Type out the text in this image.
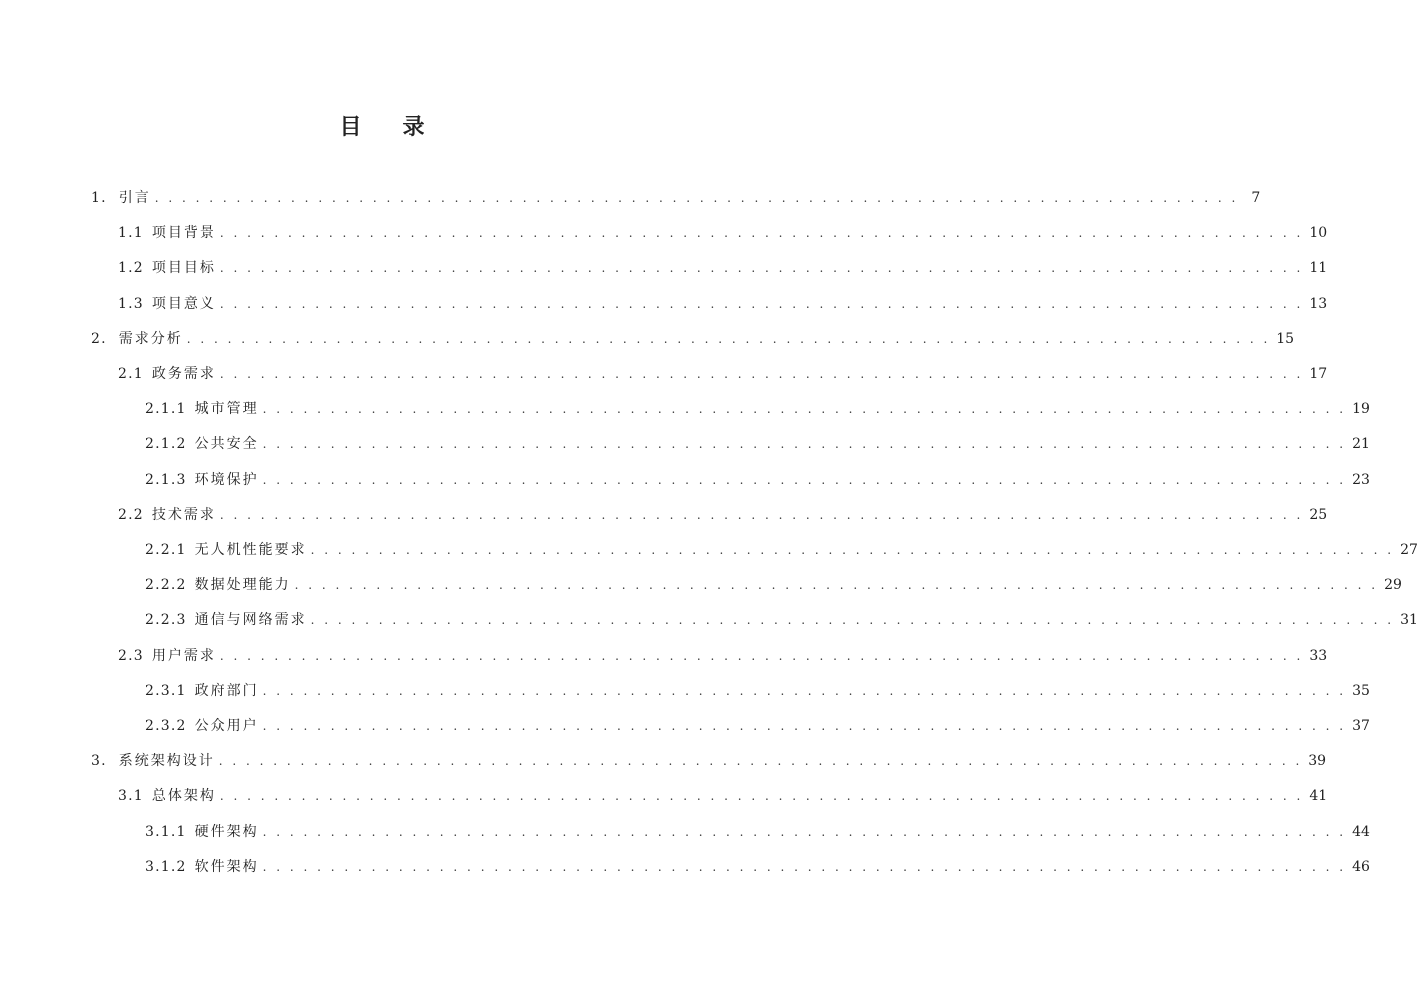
目 录
1. 引言 . . . . . . . . . . . . . . . . . . . . . . . . . . . . . . . . . . . . . . . . . . . . . . . . . . . . . . . . . . . . . . . . . . . . . . . . . . . . . . . . 7
1.1 项目背景 . . . . . . . . . . . . . . . . . . . . . . . . . . . . . . . . . . . . . . . . . . . . . . . . . . . . . . . . . . . . . . . . . . . . . . . . . . . . . . . . 10
1.2 项目目标 . . . . . . . . . . . . . . . . . . . . . . . . . . . . . . . . . . . . . . . . . . . . . . . . . . . . . . . . . . . . . . . . . . . . . . . . . . . . . . . . 11
1.3 项目意义 . . . . . . . . . . . . . . . . . . . . . . . . . . . . . . . . . . . . . . . . . . . . . . . . . . . . . . . . . . . . . . . . . . . . . . . . . . . . . . . . 13
2. 需求分析 . . . . . . . . . . . . . . . . . . . . . . . . . . . . . . . . . . . . . . . . . . . . . . . . . . . . . . . . . . . . . . . . . . . . . . . . . . . . . . . . 15
2.1 政务需求 . . . . . . . . . . . . . . . . . . . . . . . . . . . . . . . . . . . . . . . . . . . . . . . . . . . . . . . . . . . . . . . . . . . . . . . . . . . . . . . . 17
2.1.1 城市管理 . . . . . . . . . . . . . . . . . . . . . . . . . . . . . . . . . . . . . . . . . . . . . . . . . . . . . . . . . . . . . . . . . . . . . . . . . . . . . . . . 19
2.1.2 公共安全 . . . . . . . . . . . . . . . . . . . . . . . . . . . . . . . . . . . . . . . . . . . . . . . . . . . . . . . . . . . . . . . . . . . . . . . . . . . . . . . . 21
2.1.3 环境保护 . . . . . . . . . . . . . . . . . . . . . . . . . . . . . . . . . . . . . . . . . . . . . . . . . . . . . . . . . . . . . . . . . . . . . . . . . . . . . . . . 23
2.2 技术需求 . . . . . . . . . . . . . . . . . . . . . . . . . . . . . . . . . . . . . . . . . . . . . . . . . . . . . . . . . . . . . . . . . . . . . . . . . . . . . . . . 25
2.2.1 无人机性能要求 . . . . . . . . . . . . . . . . . . . . . . . . . . . . . . . . . . . . . . . . . . . . . . . . . . . . . . . . . . . . . . . . . . . . . . . . . . . . . . . . 27
2.2.2 数据处理能力 . . . . . . . . . . . . . . . . . . . . . . . . . . . . . . . . . . . . . . . . . . . . . . . . . . . . . . . . . . . . . . . . . . . . . . . . . . . . . . . . 29
2.2.3 通信与网络需求 . . . . . . . . . . . . . . . . . . . . . . . . . . . . . . . . . . . . . . . . . . . . . . . . . . . . . . . . . . . . . . . . . . . . . . . . . . . . . . . . 31
2.3 用户需求 . . . . . . . . . . . . . . . . . . . . . . . . . . . . . . . . . . . . . . . . . . . . . . . . . . . . . . . . . . . . . . . . . . . . . . . . . . . . . . . . 33
2.3.1 政府部门 . . . . . . . . . . . . . . . . . . . . . . . . . . . . . . . . . . . . . . . . . . . . . . . . . . . . . . . . . . . . . . . . . . . . . . . . . . . . . . . . 35
2.3.2 公众用户 . . . . . . . . . . . . . . . . . . . . . . . . . . . . . . . . . . . . . . . . . . . . . . . . . . . . . . . . . . . . . . . . . . . . . . . . . . . . . . . . 37
3. 系统架构设计 . . . . . . . . . . . . . . . . . . . . . . . . . . . . . . . . . . . . . . . . . . . . . . . . . . . . . . . . . . . . . . . . . . . . . . . . . . . . . . . . 39
3.1 总体架构 . . . . . . . . . . . . . . . . . . . . . . . . . . . . . . . . . . . . . . . . . . . . . . . . . . . . . . . . . . . . . . . . . . . . . . . . . . . . . . . . 41
3.1.1 硬件架构 . . . . . . . . . . . . . . . . . . . . . . . . . . . . . . . . . . . . . . . . . . . . . . . . . . . . . . . . . . . . . . . . . . . . . . . . . . . . . . . . 44
3.1.2 软件架构 . . . . . . . . . . . . . . . . . . . . . . . . . . . . . . . . . . . . . . . . . . . . . . . . . . . . . . . . . . . . . . . . . . . . . . . . . . . . . . . . 46
